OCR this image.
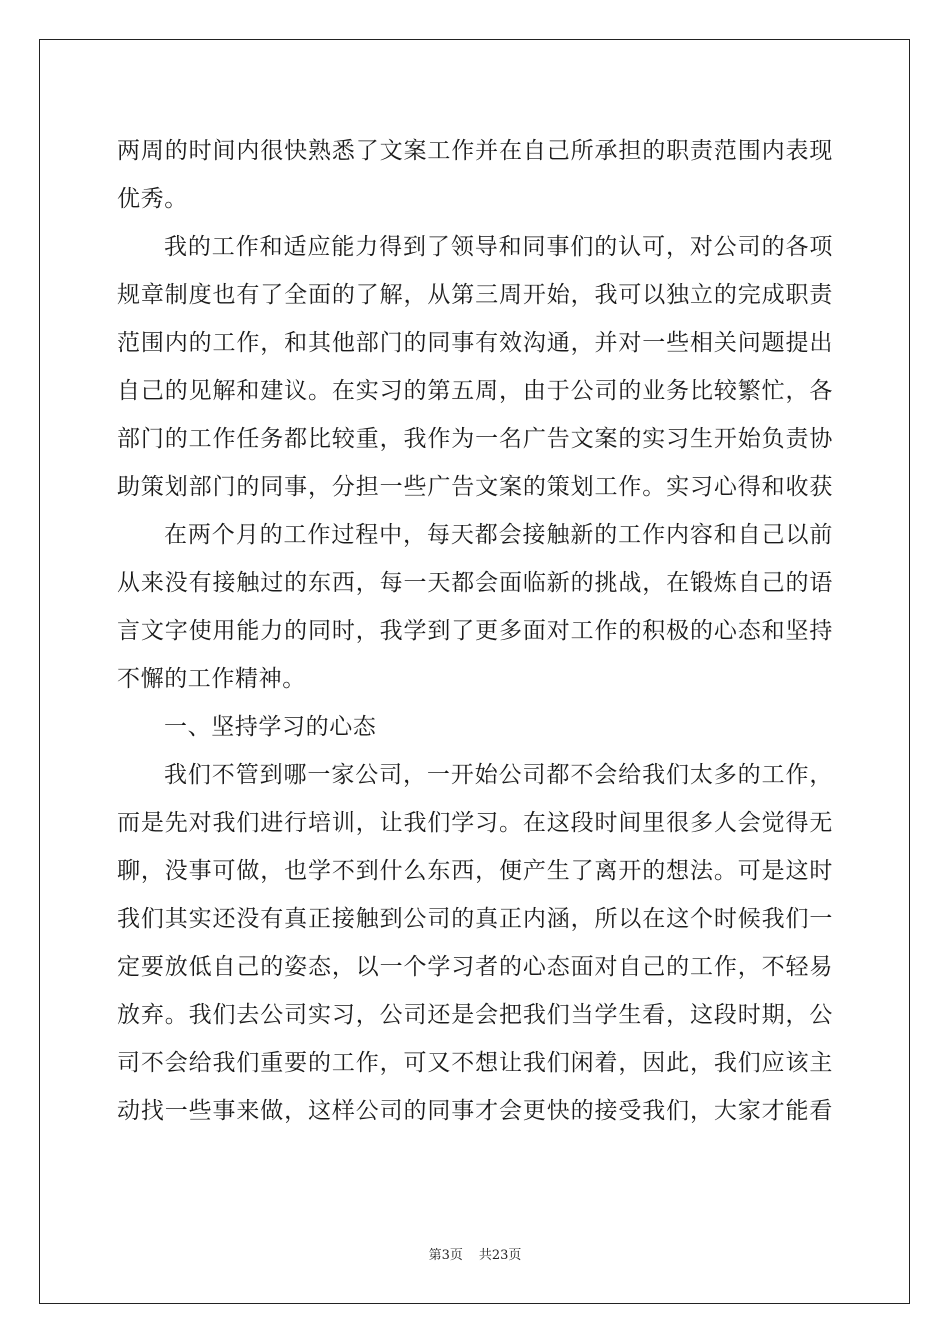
两周的时间内很快熟悉了文案工作并在自己所承担的职责范围内表现
优秀。
我的工作和适应能力得到了领导和同事们的认可，对公司的各项
规章制度也有了全面的了解，从第三周开始，我可以独立的完成职责
范围内的工作，和其他部门的同事有效沟通，并对一些相关问题提出
自己的见解和建议。在实习的第五周，由于公司的业务比较繁忙，各
部门的工作任务都比较重，我作为一名广告文案的实习生开始负责协
助策划部门的同事，分担一些广告文案的策划工作。实习心得和收获
在两个月的工作过程中，每天都会接触新的工作内容和自己以前
从来没有接触过的东西，每一天都会面临新的挑战，在锻炼自己的语
言文字使用能力的同时，我学到了更多面对工作的积极的心态和坚持
不懈的工作精神。
一、坚持学习的心态
我们不管到哪一家公司，一开始公司都不会给我们太多的工作，
而是先对我们进行培训，让我们学习。在这段时间里很多人会觉得无
聊，没事可做，也学不到什么东西，便产生了离开的想法。可是这时
我们其实还没有真正接触到公司的真正内涵，所以在这个时候我们一
定要放低自己的姿态，以一个学习者的心态面对自己的工作，不轻易
放弃。我们去公司实习，公司还是会把我们当学生看，这段时期，公
司不会给我们重要的工作，可又不想让我们闲着，因此，我们应该主
动找一些事来做，这样公司的同事才会更快的接受我们，大家才能看
第3页 共23页
